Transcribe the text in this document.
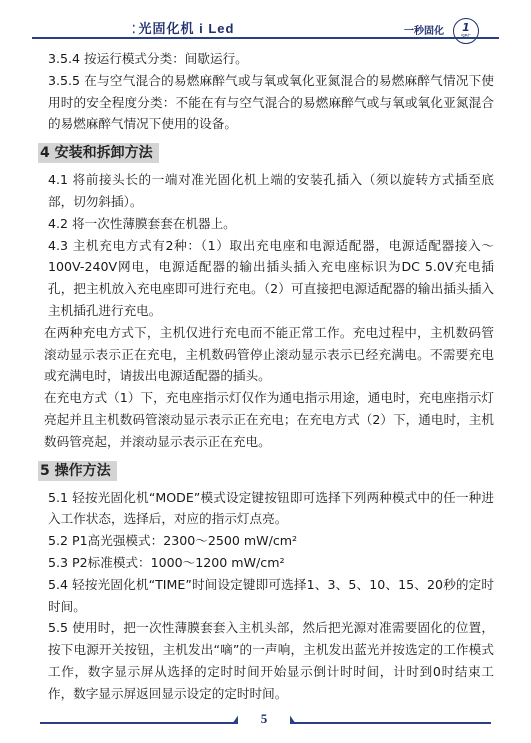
⁚ 光固化机 i Led	一秒固化	1

3.5.4 按运行模式分类：间歇运行。

3.5.5 在与空气混合的易燃麻醉气或与氧或氧化亚氮混合的易燃麻醉气情况下使用时的安全程度分类：不能在有与空气混合的易燃麻醉气或与氧或氧化亚氮混合的易燃麻醉气情况下使用的设备。

4 安装和拆卸方法

4.1 将前接头长的一端对准光固化机上端的安装孔插入（须以旋转方式插至底部，切勿斜插）。

4.2 将一次性薄膜套套在机器上。

4.3 主机充电方式有2种：（1）取出充电座和电源适配器，电源适配器接入～100V-240V网电，电源适配器的输出插头插入充电座标识为DC 5.0V充电插孔，把主机放入充电座即可进行充电。（2）可直接把电源适配器的输出插头插入主机插孔进行充电。

在两种充电方式下，主机仅进行充电而不能正常工作。充电过程中，主机数码管滚动显示表示正在充电，主机数码管停止滚动显示表示已经充满电。不需要充电或充满电时，请拔出电源适配器的插头。

在充电方式（1）下，充电座指示灯仅作为通电指示用途，通电时，充电座指示灯亮起并且主机数码管滚动显示表示正在充电；在充电方式（2）下，通电时，主机数码管亮起，并滚动显示表示正在充电。

5 操作方法

5.1 轻按光固化机“MODE”模式设定键按钮即可选择下列两种模式中的任一种进入工作状态，选择后，对应的指示灯点亮。

5.2 P1高光强模式：2300～2500 mW/cm²

5.3 P2标准模式：1000～1200 mW/cm²

5.4 轻按光固化机“TIME”时间设定键即可选择1、3、5、10、15、20秒的定时时间。

5.5 使用时，把一次性薄膜套套入主机头部，然后把光源对准需要固化的位置，按下电源开关按钮，主机发出“嘀”的一声响，主机发出蓝光并按选定的工作模式工作，数字显示屏从选择的定时时间开始显示倒计时时间，计时到0时结束工作，数字显示屏返回显示设定的定时时间。

5
